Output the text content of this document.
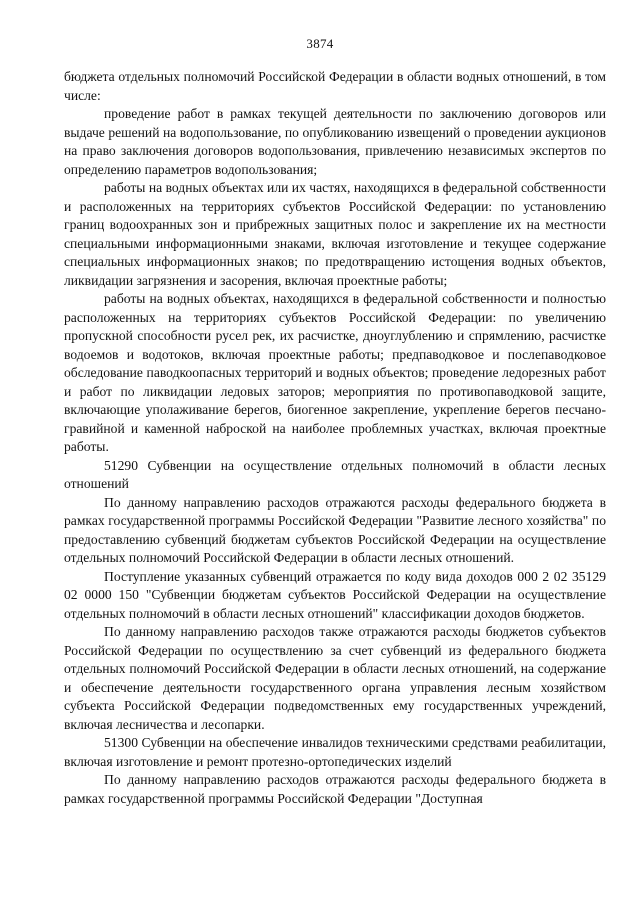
3874

бюджета отдельных полномочий Российской Федерации в области водных отношений, в том числе:

проведение работ в рамках текущей деятельности по заключению договоров или выдаче решений на водопользование, по опубликованию извещений о проведении аукционов на право заключения договоров водопользования, привлечению независимых экспертов по определению параметров водопользования;

работы на водных объектах или их частях, находящихся в федеральной собственности и расположенных на территориях субъектов Российской Федерации: по установлению границ водоохранных зон и прибрежных защитных полос и закрепление их на местности специальными информационными знаками, включая изготовление и текущее содержание специальных информационных знаков; по предотвращению истощения водных объектов, ликвидации загрязнения и засорения, включая проектные работы;

работы на водных объектах, находящихся в федеральной собственности и полностью расположенных на территориях субъектов Российской Федерации: по увеличению пропускной способности русел рек, их расчистке, дноуглублению и спрямлению, расчистке водоемов и водотоков, включая проектные работы; предпаводковое и послепаводковое обследование паводкоопасных территорий и водных объектов; проведение ледорезных работ и работ по ликвидации ледовых заторов; мероприятия по противопаводковой защите, включающие уполаживание берегов, биогенное закрепление, укрепление берегов песчано-гравийной и каменной наброской на наиболее проблемных участках, включая проектные работы.

51290 Субвенции на осуществление отдельных полномочий в области лесных отношений

По данному направлению расходов отражаются расходы федерального бюджета в рамках государственной программы Российской Федерации "Развитие лесного хозяйства" по предоставлению субвенций бюджетам субъектов Российской Федерации на осуществление отдельных полномочий Российской Федерации в области лесных отношений.

Поступление указанных субвенций отражается по коду вида доходов 000 2 02 35129 02 0000 150 "Субвенции бюджетам субъектов Российской Федерации на осуществление отдельных полномочий в области лесных отношений" классификации доходов бюджетов.

По данному направлению расходов также отражаются расходы бюджетов субъектов Российской Федерации по осуществлению за счет субвенций из федерального бюджета отдельных полномочий Российской Федерации в области лесных отношений, на содержание и обеспечение деятельности государственного органа управления лесным хозяйством субъекта Российской Федерации подведомственных ему государственных учреждений, включая лесничества и лесопарки.

51300 Субвенции на обеспечение инвалидов техническими средствами реабилитации, включая изготовление и ремонт протезно-ортопедических изделий

По данному направлению расходов отражаются расходы федерального бюджета в рамках государственной программы Российской Федерации "Доступная
